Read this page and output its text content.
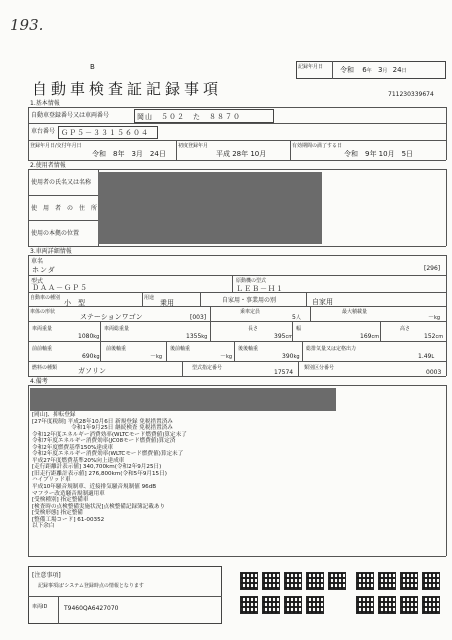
193.
B	記録年月日 令和 6年 3月 24日
自動車検査証記録事項	711230339674
1.基本情報
自動車登録番号又は車両番号	岡山　５０２　た　８８７０
車台番号 ＧＰ５－３３１５６０４
登録年月日/交付年月日
令和　8年　3月　24日
初度登録年月
平成 28年 10月
有効期間の満了する日
令和　9年 10月　5日
2.使用者情報
使用者の氏名又は名称
使　用　者　の　住　所
使用の本拠の位置
3.車両詳細情報
車名
ホンダ	[296]
型式
ＤＡＡ－ＧＰ５
原動機の型式
ＬＥＢ－Ｈ１
自動車の種別
小　型
用途
乗用	自家用・事業用の別	自家用
車体の形状
ステーションワゴン	[003]
乗車定員
5人
最大積載量
－kg
車両重量
1080kg
車両総重量
1355kg
長さ
395cm
幅
169cm
高さ
152cm
前前軸重
690kg
前後軸重
－kg
後前軸重
－kg
後後軸重
390kg
総排気量又は定格出力
1.49L
燃料の種類	ガソリン	型式指定番号
17574
類別区分番号
0003
4.備考
[岡山]、抑転登録
[27年度税制] 平成28年10月6日 新規登録 免税措置済み
　　　　　　　令和1年9月25日 継続検査 免税措置済み
令和12年度エネルギー消費効率(WLTCモード燃費値)算定未了
令和7年度エネルギー消費効率(JC08モード燃費値)算定済
令和2年度燃費基準150%達成車
令和2年度エネルギー消費効率(WLTCモード燃費値)算定未了
平成27年度燃費基準20%向上達成車
[走行距離計表示値] 340,700km(令和2年9月25日)
[旧走行距離計表示値] 276,800km(令和5年9月15日)
ハイブリッド車
平成10年騒音規制車、近接排気騒音規制値 96dB
マフラー改造騒音規制適用車
[受検種別] 指定整備車
[検査時の点検整備実施状況]点検整備記録簿記載あり
[受検形態] 指定整備
[整備工場コード] 61-00352
以下余白
[注意事項]
記録事項は'システム登録時点の情報となります
車両ID	T9460QA6427070
